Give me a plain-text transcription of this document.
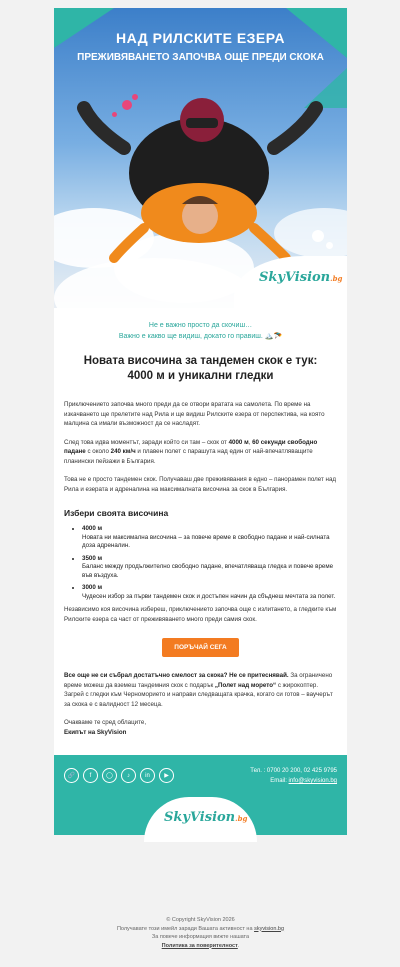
НАД РИЛСКИТЕ ЕЗЕРА
ПРЕЖИВЯВАНЕТО ЗАПОЧВА ОЩЕ ПРЕДИ СКОКА
SkyVision.bg
Не е важно просто да скочиш…
Важно е какво ще видиш, докато го правиш. 🏔️🪂
Новата височина за тандемен скок е тук:
4000 м и уникални гледки

Приключението започва много преди да се отвори вратата на самолета. По време на изкачването ще прелетите над Рила и ще видиш Рилските езера от перспектива, на която малцина са имали възможност да се насладят.

След това идва моментът, заради който си там – скок от 4000 м, 60 секунди свободно падане с около 240 км/ч и плавен полет с парашута над един от най-впечатляващите планински пейзажи в България.

Това не е просто тандемен скок. Получаваш две преживявания в едно – панорамен полет над Рила и езерата и адреналина на максималната височина за скок в България.

Избери своята височина
• 4000 м
Новата ни максимална височина – за повече време в свободно падане и най-силната доза адреналин.
• 3500 м
Баланс между продължително свободно падане, впечатляваща гледка и повече време във въздуха.
• 3000 м
Чудесен избор за първи тандемен скок и достъпен начин да сбъднеш мечтата за полет.

Независимо коя височина избереш, приключението започва още с излитането, а гледките към Рилските езера са част от преживяването много преди самия скок.

ПОРЪЧАЙ СЕГА

Все още не си събрал достатъчно смелост за скока? Не се притеснявай. За ограничено време можеш да вземеш тандемния скок с подарък „Полет над морето“ с жирокоптер. Загрей с гледки към Черноморието и направи следващата крачка, когато си готов – ваучерът за скока е с валидност 12 месеца.

Очакваме те сред облаците,
Екипът на SkyVision

🔗	f	◯	♪	in	▶
Тел. : 0700 20 200, 02 425 9795
Email: info@skyvision.bg
SkyVision.bg
© Copyright SkyVision 2026
Получавате този имейл заради Вашата активност на skyvision.bg
За повече информация вижте нашата
Политика за поверителност.
